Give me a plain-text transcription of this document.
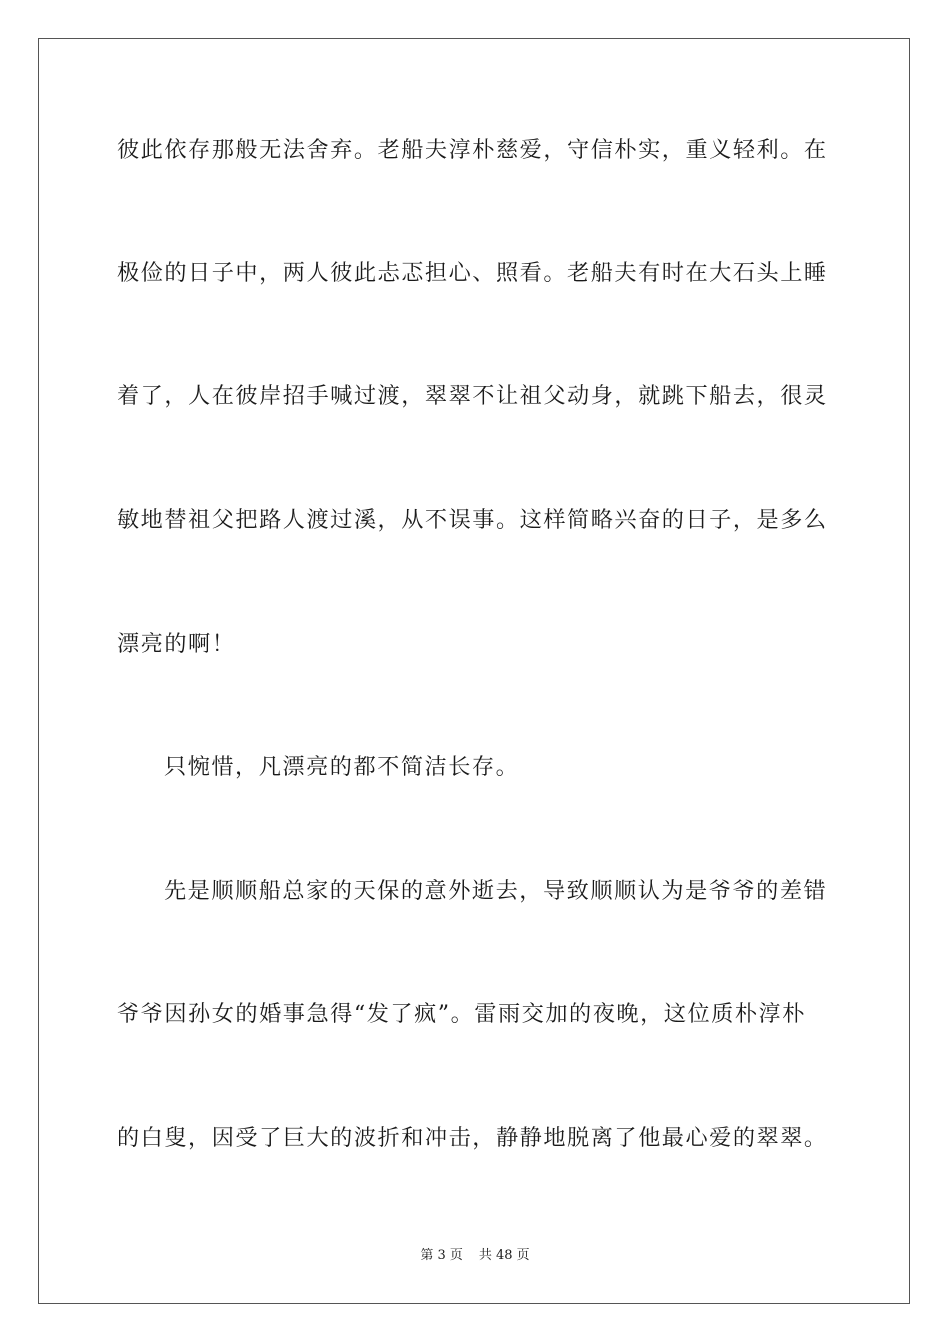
彼此依存那般无法舍弃。老船夫淳朴慈爱，守信朴实，重义轻利。在
极俭的日子中，两人彼此忐忑担心、照看。老船夫有时在大石头上睡
着了，人在彼岸招手喊过渡，翠翠不让祖父动身，就跳下船去，很灵
敏地替祖父把路人渡过溪，从不误事。这样简略兴奋的日子，是多么
漂亮的啊！
只惋惜，凡漂亮的都不简洁长存。
先是顺顺船总家的天保的意外逝去，导致顺顺认为是爷爷的差错
爷爷因孙女的婚事急得“发了疯”。雷雨交加的夜晚，这位质朴淳朴
的白叟，因受了巨大的波折和冲击，静静地脱离了他最心爱的翠翠。
第 3 页 共 48 页
